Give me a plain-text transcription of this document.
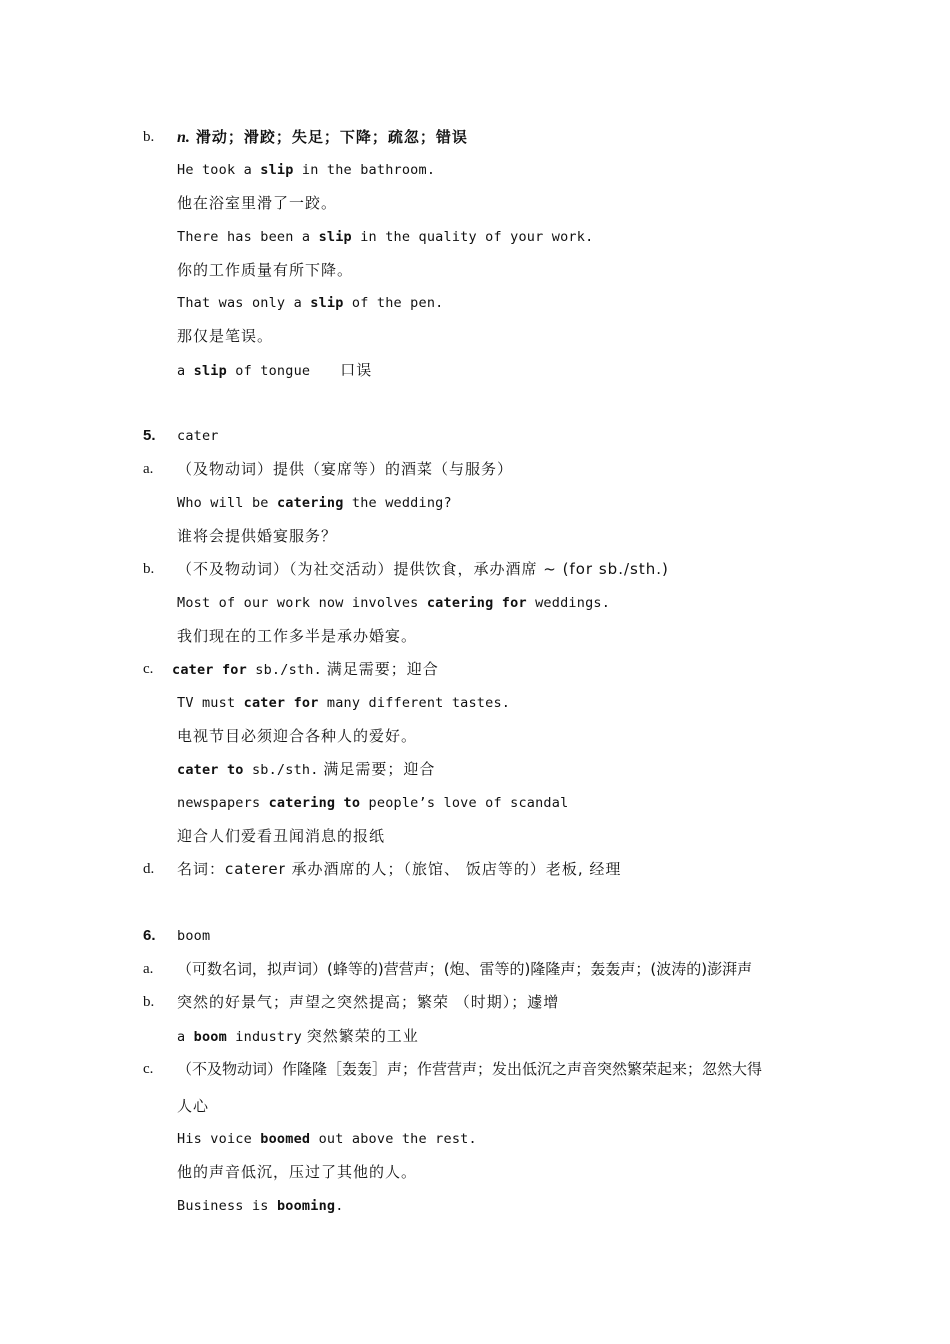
b. n. 滑动；滑跤；失足；下降；疏忽；错误
He took a slip in the bathroom.
他在浴室里滑了一跤。
There has been a slip in the quality of your work.
你的工作质量有所下降。
That was only a slip of the pen.
那仅是笔误。
a slip of tongue 口误
5. cater
a. （及物动词）提供（宴席等）的酒菜（与服务）
Who will be catering the wedding?
谁将会提供婚宴服务？
b. （不及物动词）（为社交活动）提供饮食，承办酒席 ~ (for sb./sth.)
Most of our work now involves catering for weddings.
我们现在的工作多半是承办婚宴。
c. cater for sb./sth. 满足需要；迎合
TV must cater for many different tastes.
电视节目必须迎合各种人的爱好。
cater to sb./sth. 满足需要；迎合
newspapers catering to people’s love of scandal
迎合人们爱看丑闻消息的报纸
d. 名词：caterer 承办酒席的人；（旅馆、 饭店等的）老板, 经理
6. boom
a. （可数名词，拟声词）(蜂等的)营营声；(炮、雷等的)隆隆声；轰轰声；(波涛的)澎湃声
b. 突然的好景气；声望之突然提高；繁荣 （时期）；遽增
a boom industry 突然繁荣的工业
c. （不及物动词）作隆隆［轰轰］声；作营营声；发出低沉之声音突然繁荣起来；忽然大得
人心
His voice boomed out above the rest.
他的声音低沉，压过了其他的人。
Business is booming.
